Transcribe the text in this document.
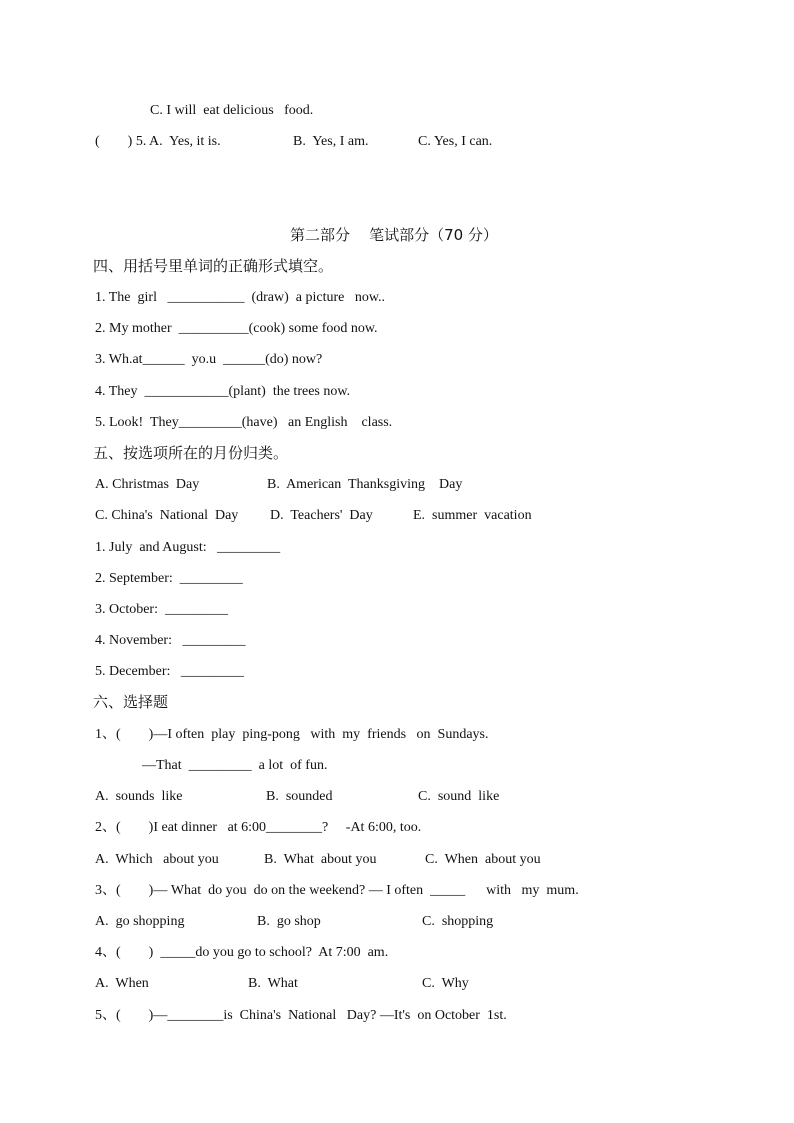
C. I will  eat delicious   food.
(        ) 5. A.  Yes, it is.	B.  Yes, I am.	C. Yes, I can.
第二部分    笔试部分（70 分）
四、用括号里单词的正确形式填空。
1. The  girl   ___________  (draw)  a picture   now..
2. My mother  __________(cook) some food now.
3. Wh.at______  yo.u  ______(do) now?
4. They  ____________(plant)  the trees now.
5. Look!  They_________(have)   an English    class.
五、按选项所在的月份归类。
A. Christmas  Day	B.  American  Thanksgiving    Day
C. China's  National  Day D.  Teachers'  Day	E.  summer  vacation
1. July  and August:   _________
2. September:  _________
3. October:  _________
4. November:   _________
5. December:   _________
六、选择题
1、(        )—I often  play  ping-pong   with  my  friends   on  Sundays.
—That  _________  a lot  of fun.
A.  sounds  like	B.  sounded	C.  sound  like
2、(        )I eat dinner   at 6:00________?     -At 6:00, too.
A.  Which   about you	B.  What  about you	C.  When  about you
3、(        )— What  do you  do on the weekend? — I often  _____      with   my  mum.
A.  go shopping	B.  go shop	C.  shopping
4、(        )  _____do you go to school?  At 7:00  am.
A.  When	B.  What	C.  Why
5、(        )—________is  China's  National   Day? —It's  on October  1st.
